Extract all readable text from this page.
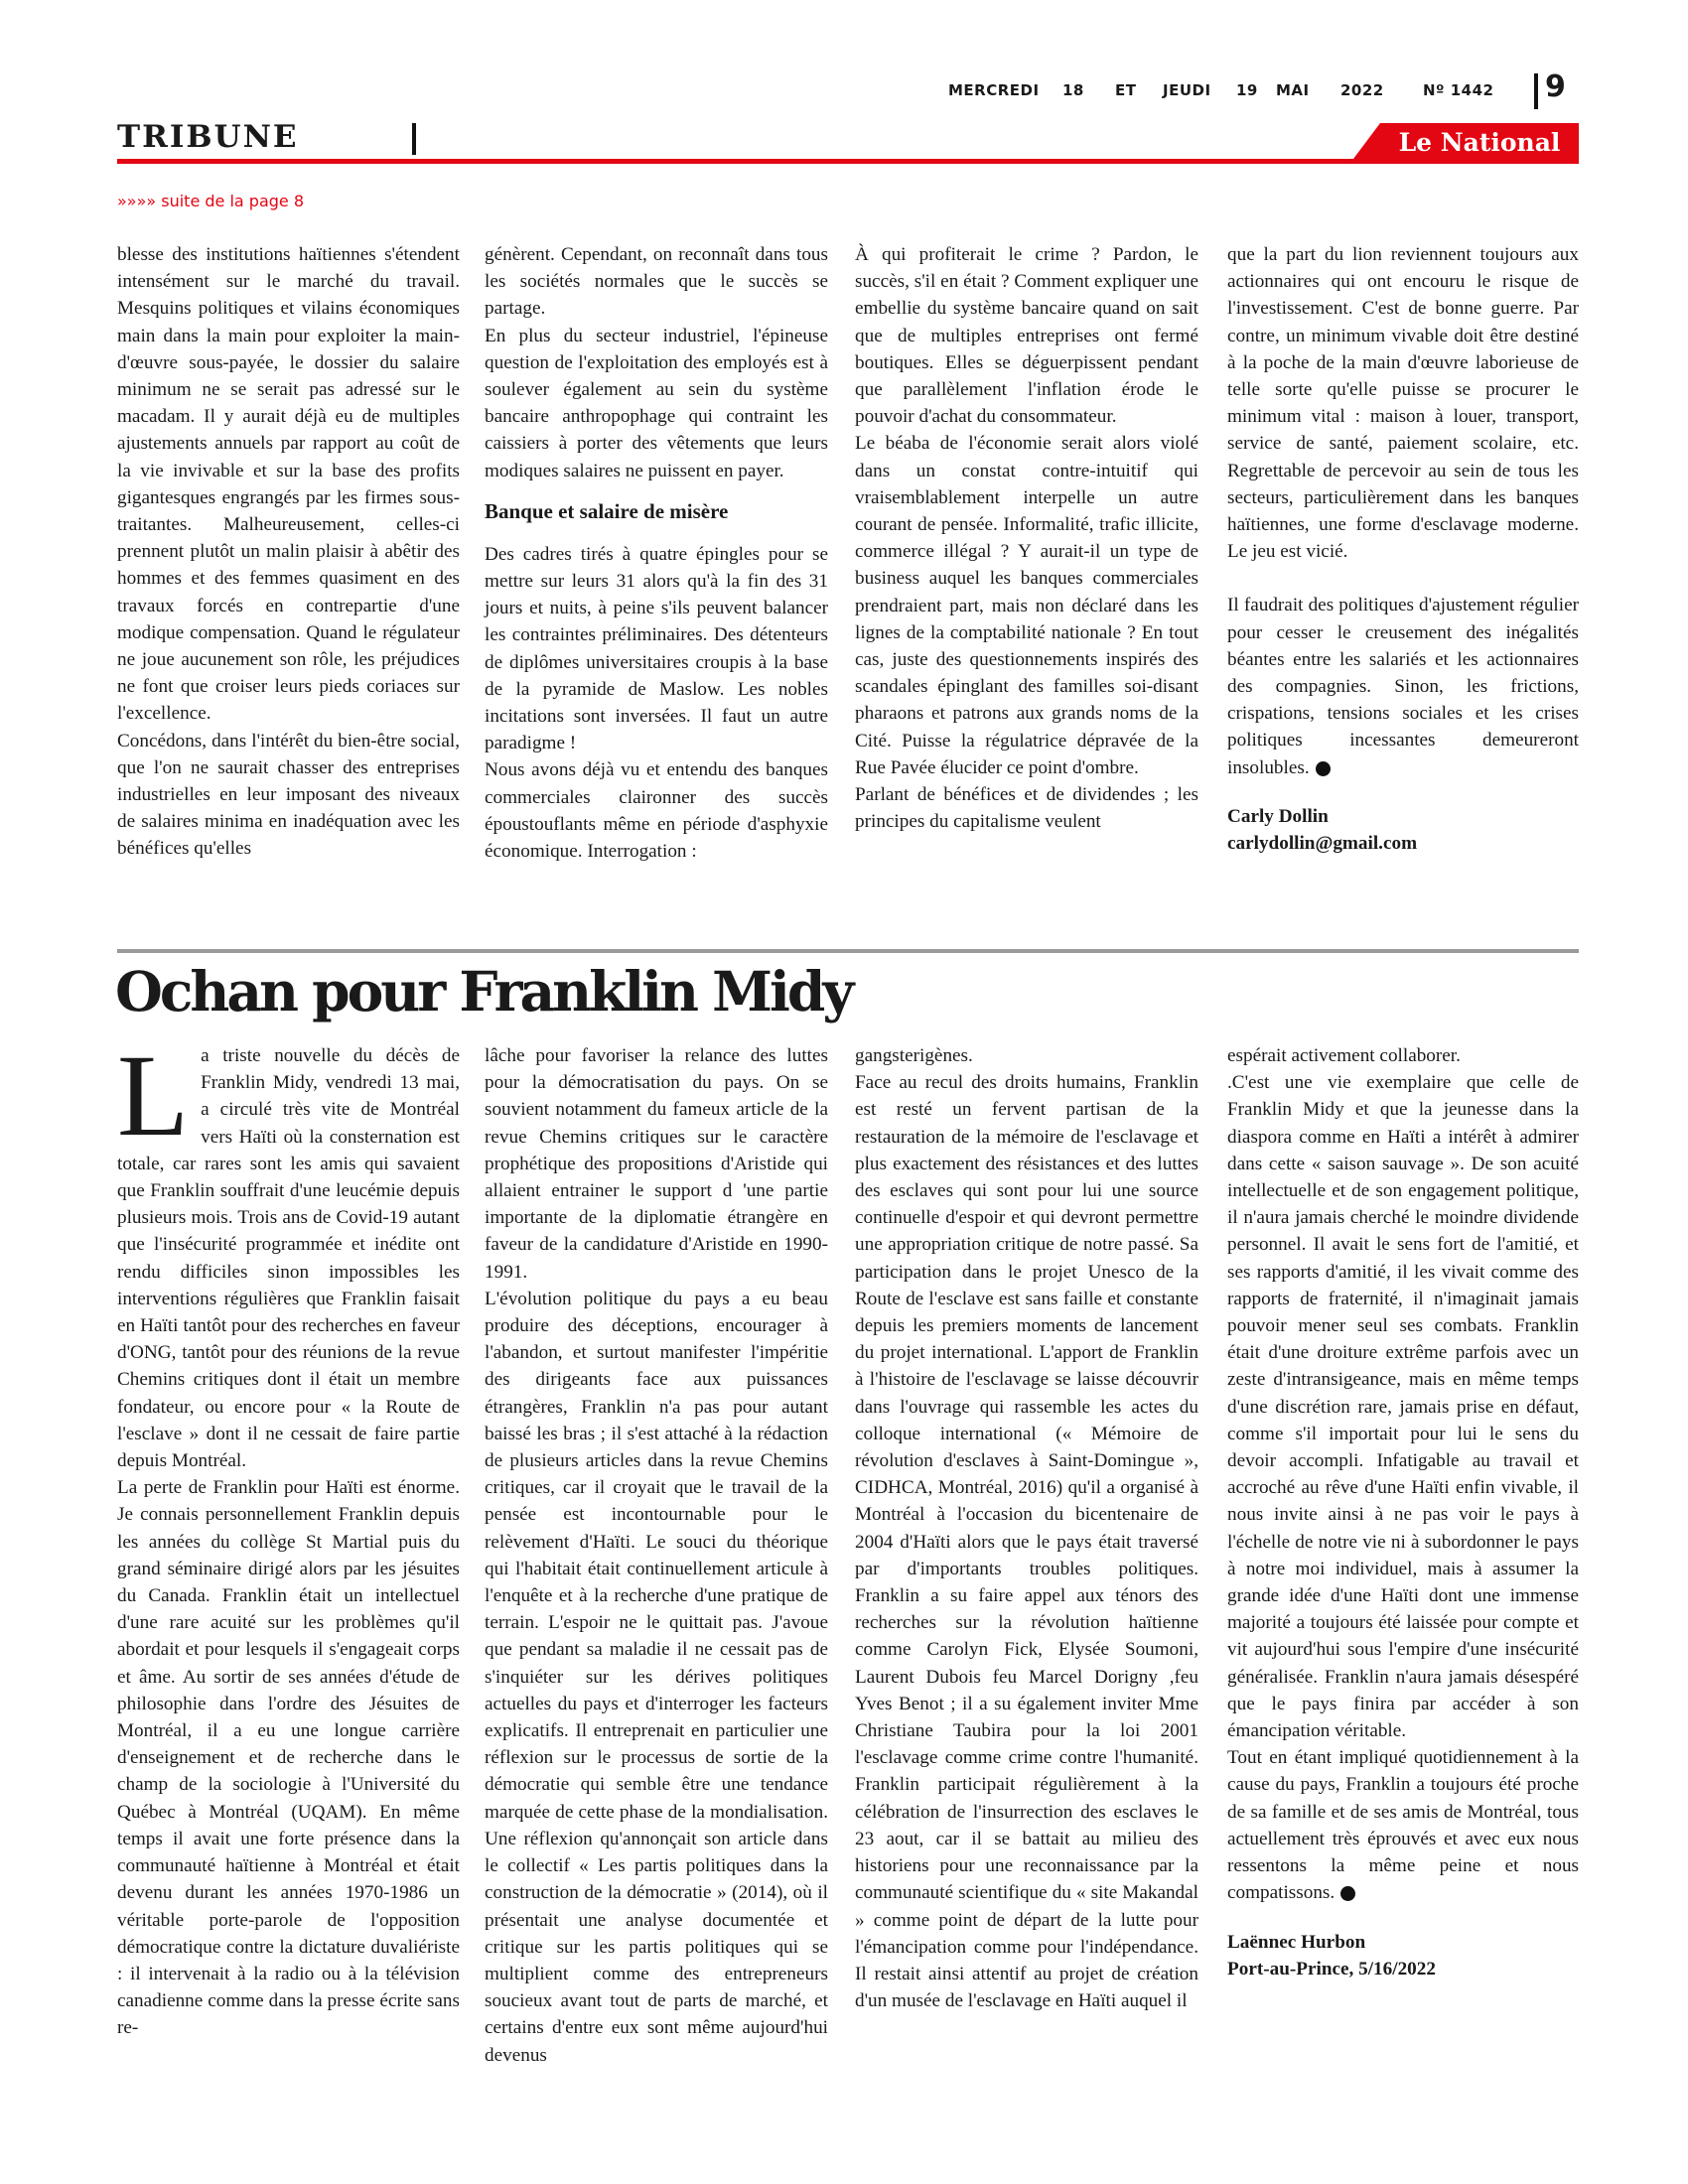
MERCREDI 18 ET JEUDI 19 MAI 2022	Nº 1442 9
TRIBUNE	Le National
»»»» suite de la page 8

blesse des institutions haïtiennes s'étendent intensément sur le marché du travail. Mesquins politiques et vilains économiques main dans la main pour exploiter la main-d'œuvre sous-payée, le dossier du salaire minimum ne se serait pas adressé sur le macadam. Il y aurait déjà eu de multiples ajustements annuels par rapport au coût de la vie invivable et sur la base des profits gigantesques engrangés par les firmes sous-traitantes. Malheureusement, celles-ci prennent plutôt un malin plaisir à abêtir des hommes et des femmes quasiment en des travaux forcés en contrepartie d'une modique compensation. Quand le régulateur ne joue aucunement son rôle, les préjudices ne font que croiser leurs pieds coriaces sur l'excellence.

Concédons, dans l'intérêt du bien-être social, que l'on ne saurait chasser des entreprises industrielles en leur imposant des niveaux de salaires minima en inadéquation avec les bénéfices qu'elles

génèrent. Cependant, on reconnaît dans tous les sociétés normales que le succès se partage.

En plus du secteur industriel, l'épineuse question de l'exploitation des employés est à soulever également au sein du système bancaire anthropophage qui contraint les caissiers à porter des vêtements que leurs modiques salaires ne puissent en payer.

Banque et salaire de misère

Des cadres tirés à quatre épingles pour se mettre sur leurs 31 alors qu'à la fin des 31 jours et nuits, à peine s'ils peuvent balancer les contraintes préliminaires. Des détenteurs de diplômes universitaires croupis à la base de la pyramide de Maslow. Les nobles incitations sont inversées. Il faut un autre paradigme !

Nous avons déjà vu et entendu des banques commerciales claironner des succès époustouflants même en période d'asphyxie économique. Interrogation :

À qui profiterait le crime ? Pardon, le succès, s'il en était ? Comment expliquer une embellie du système bancaire quand on sait que de multiples entreprises ont fermé boutiques. Elles se déguerpissent pendant que parallèlement l'inflation érode le pouvoir d'achat du consommateur.

Le béaba de l'économie serait alors violé dans un constat contre-intuitif qui vraisemblablement interpelle un autre courant de pensée. Informalité, trafic illicite, commerce illégal ? Y aurait-il un type de business auquel les banques commerciales prendraient part, mais non déclaré dans les lignes de la comptabilité nationale ? En tout cas, juste des questionnements inspirés des scandales épinglant des familles soi-disant pharaons et patrons aux grands noms de la Cité. Puisse la régulatrice dépravée de la Rue Pavée élucider ce point d'ombre.

Parlant de bénéfices et de dividendes ; les principes du capitalisme veulent

que la part du lion reviennent toujours aux actionnaires qui ont encouru le risque de l'investissement. C'est de bonne guerre. Par contre, un minimum vivable doit être destiné à la poche de la main d'œuvre laborieuse de telle sorte qu'elle puisse se procurer le minimum vital : maison à louer, transport, service de santé, paiement scolaire, etc. Regrettable de percevoir au sein de tous les secteurs, particulièrement dans les banques haïtiennes, une forme d'esclavage moderne. Le jeu est vicié.

Il faudrait des politiques d'ajustement régulier pour cesser le creusement des inégalités béantes entre les salariés et les actionnaires des compagnies. Sinon, les frictions, crispations, tensions sociales et les crises politiques incessantes demeureront insolubles.

Carly Dollin
carlydollin@gmail.com
Ochan pour Franklin Midy

La triste nouvelle du décès de Franklin Midy, vendredi 13 mai, a circulé très vite de Montréal vers Haïti où la consternation est totale, car rares sont les amis qui savaient que Franklin souffrait d'une leucémie depuis plusieurs mois. Trois ans de Covid-19 autant que l'insécurité programmée et inédite ont rendu difficiles sinon impossibles les interventions régulières que Franklin faisait en Haïti tantôt pour des recherches en faveur d'ONG, tantôt pour des réunions de la revue Chemins critiques dont il était un membre fondateur, ou encore pour « la Route de l'esclave » dont il ne cessait de faire partie depuis Montréal.

La perte de Franklin pour Haïti est énorme. Je connais personnellement Franklin depuis les années du collège St Martial puis du grand séminaire dirigé alors par les jésuites du Canada. Franklin était un intellectuel d'une rare acuité sur les problèmes qu'il abordait et pour lesquels il s'engageait corps et âme. Au sortir de ses années d'étude de philosophie dans l'ordre des Jésuites de Montréal, il a eu une longue carrière d'enseignement et de recherche dans le champ de la sociologie à l'Université du Québec à Montréal (UQAM). En même temps il avait une forte présence dans la communauté haïtienne à Montréal et était devenu durant les années 1970-1986 un véritable porte-parole de l'opposition démocratique contre la dictature duvaliériste : il intervenait à la radio ou à la télévision canadienne comme dans la presse écrite sans re-

lâche pour favoriser la relance des luttes pour la démocratisation du pays. On se souvient notamment du fameux article de la revue Chemins critiques sur le caractère prophétique des propositions d'Aristide qui allaient entrainer le support d 'une partie importante de la diplomatie étrangère en faveur de la candidature d'Aristide en 1990-1991.

L'évolution politique du pays a eu beau produire des déceptions, encourager à l'abandon, et surtout manifester l'impéritie des dirigeants face aux puissances étrangères, Franklin n'a pas pour autant baissé les bras ; il s'est attaché à la rédaction de plusieurs articles dans la revue Chemins critiques, car il croyait que le travail de la pensée est incontournable pour le relèvement d'Haïti. Le souci du théorique qui l'habitait était continuellement articule à l'enquête et à la recherche d'une pratique de terrain. L'espoir ne le quittait pas. J'avoue que pendant sa maladie il ne cessait pas de s'inquiéter sur les dérives politiques actuelles du pays et d'interroger les facteurs explicatifs. Il entreprenait en particulier une réflexion sur le processus de sortie de la démocratie qui semble être une tendance marquée de cette phase de la mondialisation. Une réflexion qu'annonçait son article dans le collectif « Les partis politiques dans la construction de la démocratie » (2014), où il présentait une analyse documentée et critique sur les partis politiques qui se multiplient comme des entrepreneurs soucieux avant tout de parts de marché, et certains d'entre eux sont même aujourd'hui devenus

gangsterigènes.

Face au recul des droits humains, Franklin est resté un fervent partisan de la restauration de la mémoire de l'esclavage et plus exactement des résistances et des luttes des esclaves qui sont pour lui une source continuelle d'espoir et qui devront permettre une appropriation critique de notre passé. Sa participation dans le projet Unesco de la Route de l'esclave est sans faille et constante depuis les premiers moments de lancement du projet international. L'apport de Franklin à l'histoire de l'esclavage se laisse découvrir dans l'ouvrage qui rassemble les actes du colloque international (« Mémoire de révolution d'esclaves à Saint-Domingue », CIDHCA, Montréal, 2016) qu'il a organisé à Montréal à l'occasion du bicentenaire de 2004 d'Haïti alors que le pays était traversé par d'importants troubles politiques. Franklin a su faire appel aux ténors des recherches sur la révolution haïtienne comme Carolyn Fick, Elysée Soumoni, Laurent Dubois feu Marcel Dorigny ,feu Yves Benot ; il a su également inviter Mme Christiane Taubira pour la loi 2001 l'esclavage comme crime contre l'humanité. Franklin participait régulièrement à la célébration de l'insurrection des esclaves le 23 aout, car il se battait au milieu des historiens pour une reconnaissance par la communauté scientifique du « site Makandal » comme point de départ de la lutte pour l'émancipation comme pour l'indépendance. Il restait ainsi attentif au projet de création d'un musée de l'esclavage en Haïti auquel il

espérait activement collaborer.

.C'est une vie exemplaire que celle de Franklin Midy et que la jeunesse dans la diaspora comme en Haïti a intérêt à admirer dans cette « saison sauvage ». De son acuité intellectuelle et de son engagement politique, il n'aura jamais cherché le moindre dividende personnel. Il avait le sens fort de l'amitié, et ses rapports d'amitié, il les vivait comme des rapports de fraternité, il n'imaginait jamais pouvoir mener seul ses combats. Franklin était d'une droiture extrême parfois avec un zeste d'intransigeance, mais en même temps d'une discrétion rare, jamais prise en défaut, comme s'il importait pour lui le sens du devoir accompli. Infatigable au travail et accroché au rêve d'une Haïti enfin vivable, il nous invite ainsi à ne pas voir le pays à l'échelle de notre vie ni à subordonner le pays à notre moi individuel, mais à assumer la grande idée d'une Haïti dont une immense majorité a toujours été laissée pour compte et vit aujourd'hui sous l'empire d'une insécurité généralisée. Franklin n'aura jamais désespéré que le pays finira par accéder à son émancipation véritable.

Tout en étant impliqué quotidiennement à la cause du pays, Franklin a toujours été proche de sa famille et de ses amis de Montréal, tous actuellement très éprouvés et avec eux nous ressentons la même peine et nous compatissons.

Laënnec Hurbon
Port-au-Prince, 5/16/2022
